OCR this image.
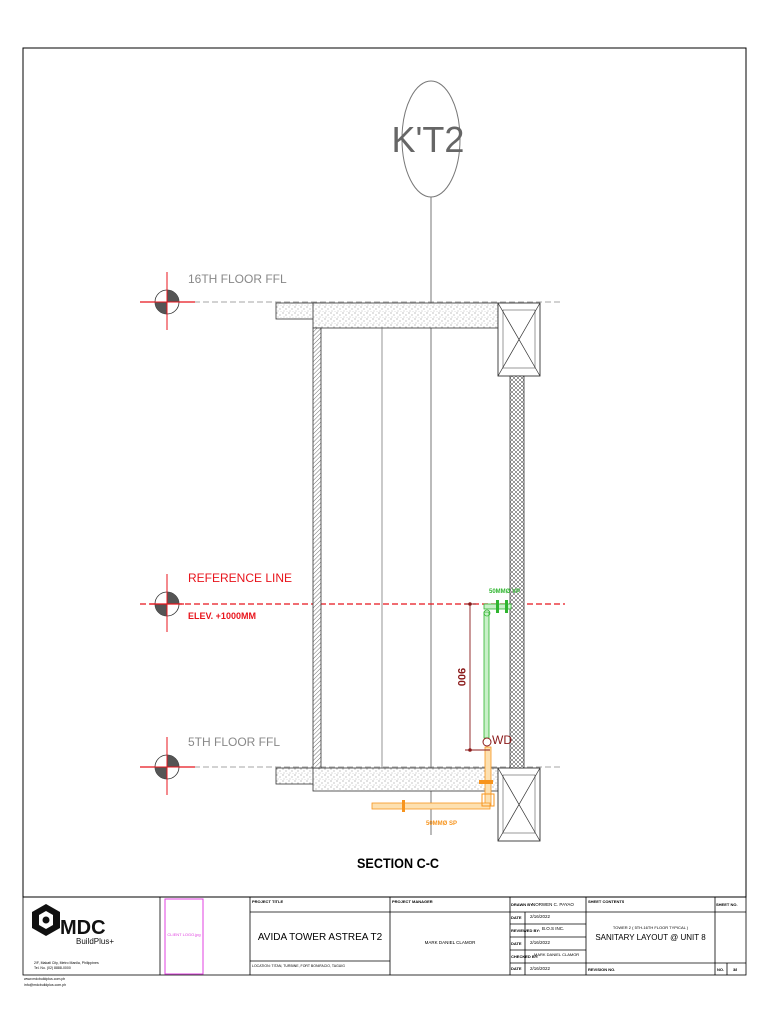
K'T2
16TH FLOOR FFL
REFERENCE LINE
ELEV. +1000MM
5TH FLOOR FFL
50MMØ VP
WD
50MMØ SP
900
SECTION C-C
MDC
BuildPlus+
2/F, Makati City, Metro Manila, Philippines
Tel. No. (02) 8888-0000
www.mdcbuildplus.com.ph
info@mdcbuildplus.com.ph
CLIENT LOGO.jpg
PROJECT TITLE
AVIDA TOWER ASTREA T2
LOCATION: TITAN, TURBINE, FORT BONIFACIO, TAGUIG
PROJECT MANAGER
MARK DANIEL CLAMOR
DRAWN BY:
NORWEN C. PAYAO
DATE 2/16/2022
REVIEWED BY: B.O.S INC.
DATE 2/16/2022
CHECKED BY:
MARK DANIEL CLAMOR
DATE 2/16/2022
SHEET CONTENTS
TOWER 2 ( 5TH-16TH FLOOR TYPICAL )
SANITARY LAYOUT @ UNIT 8
REVISION NO.
SHEET NO.
NO. 38
